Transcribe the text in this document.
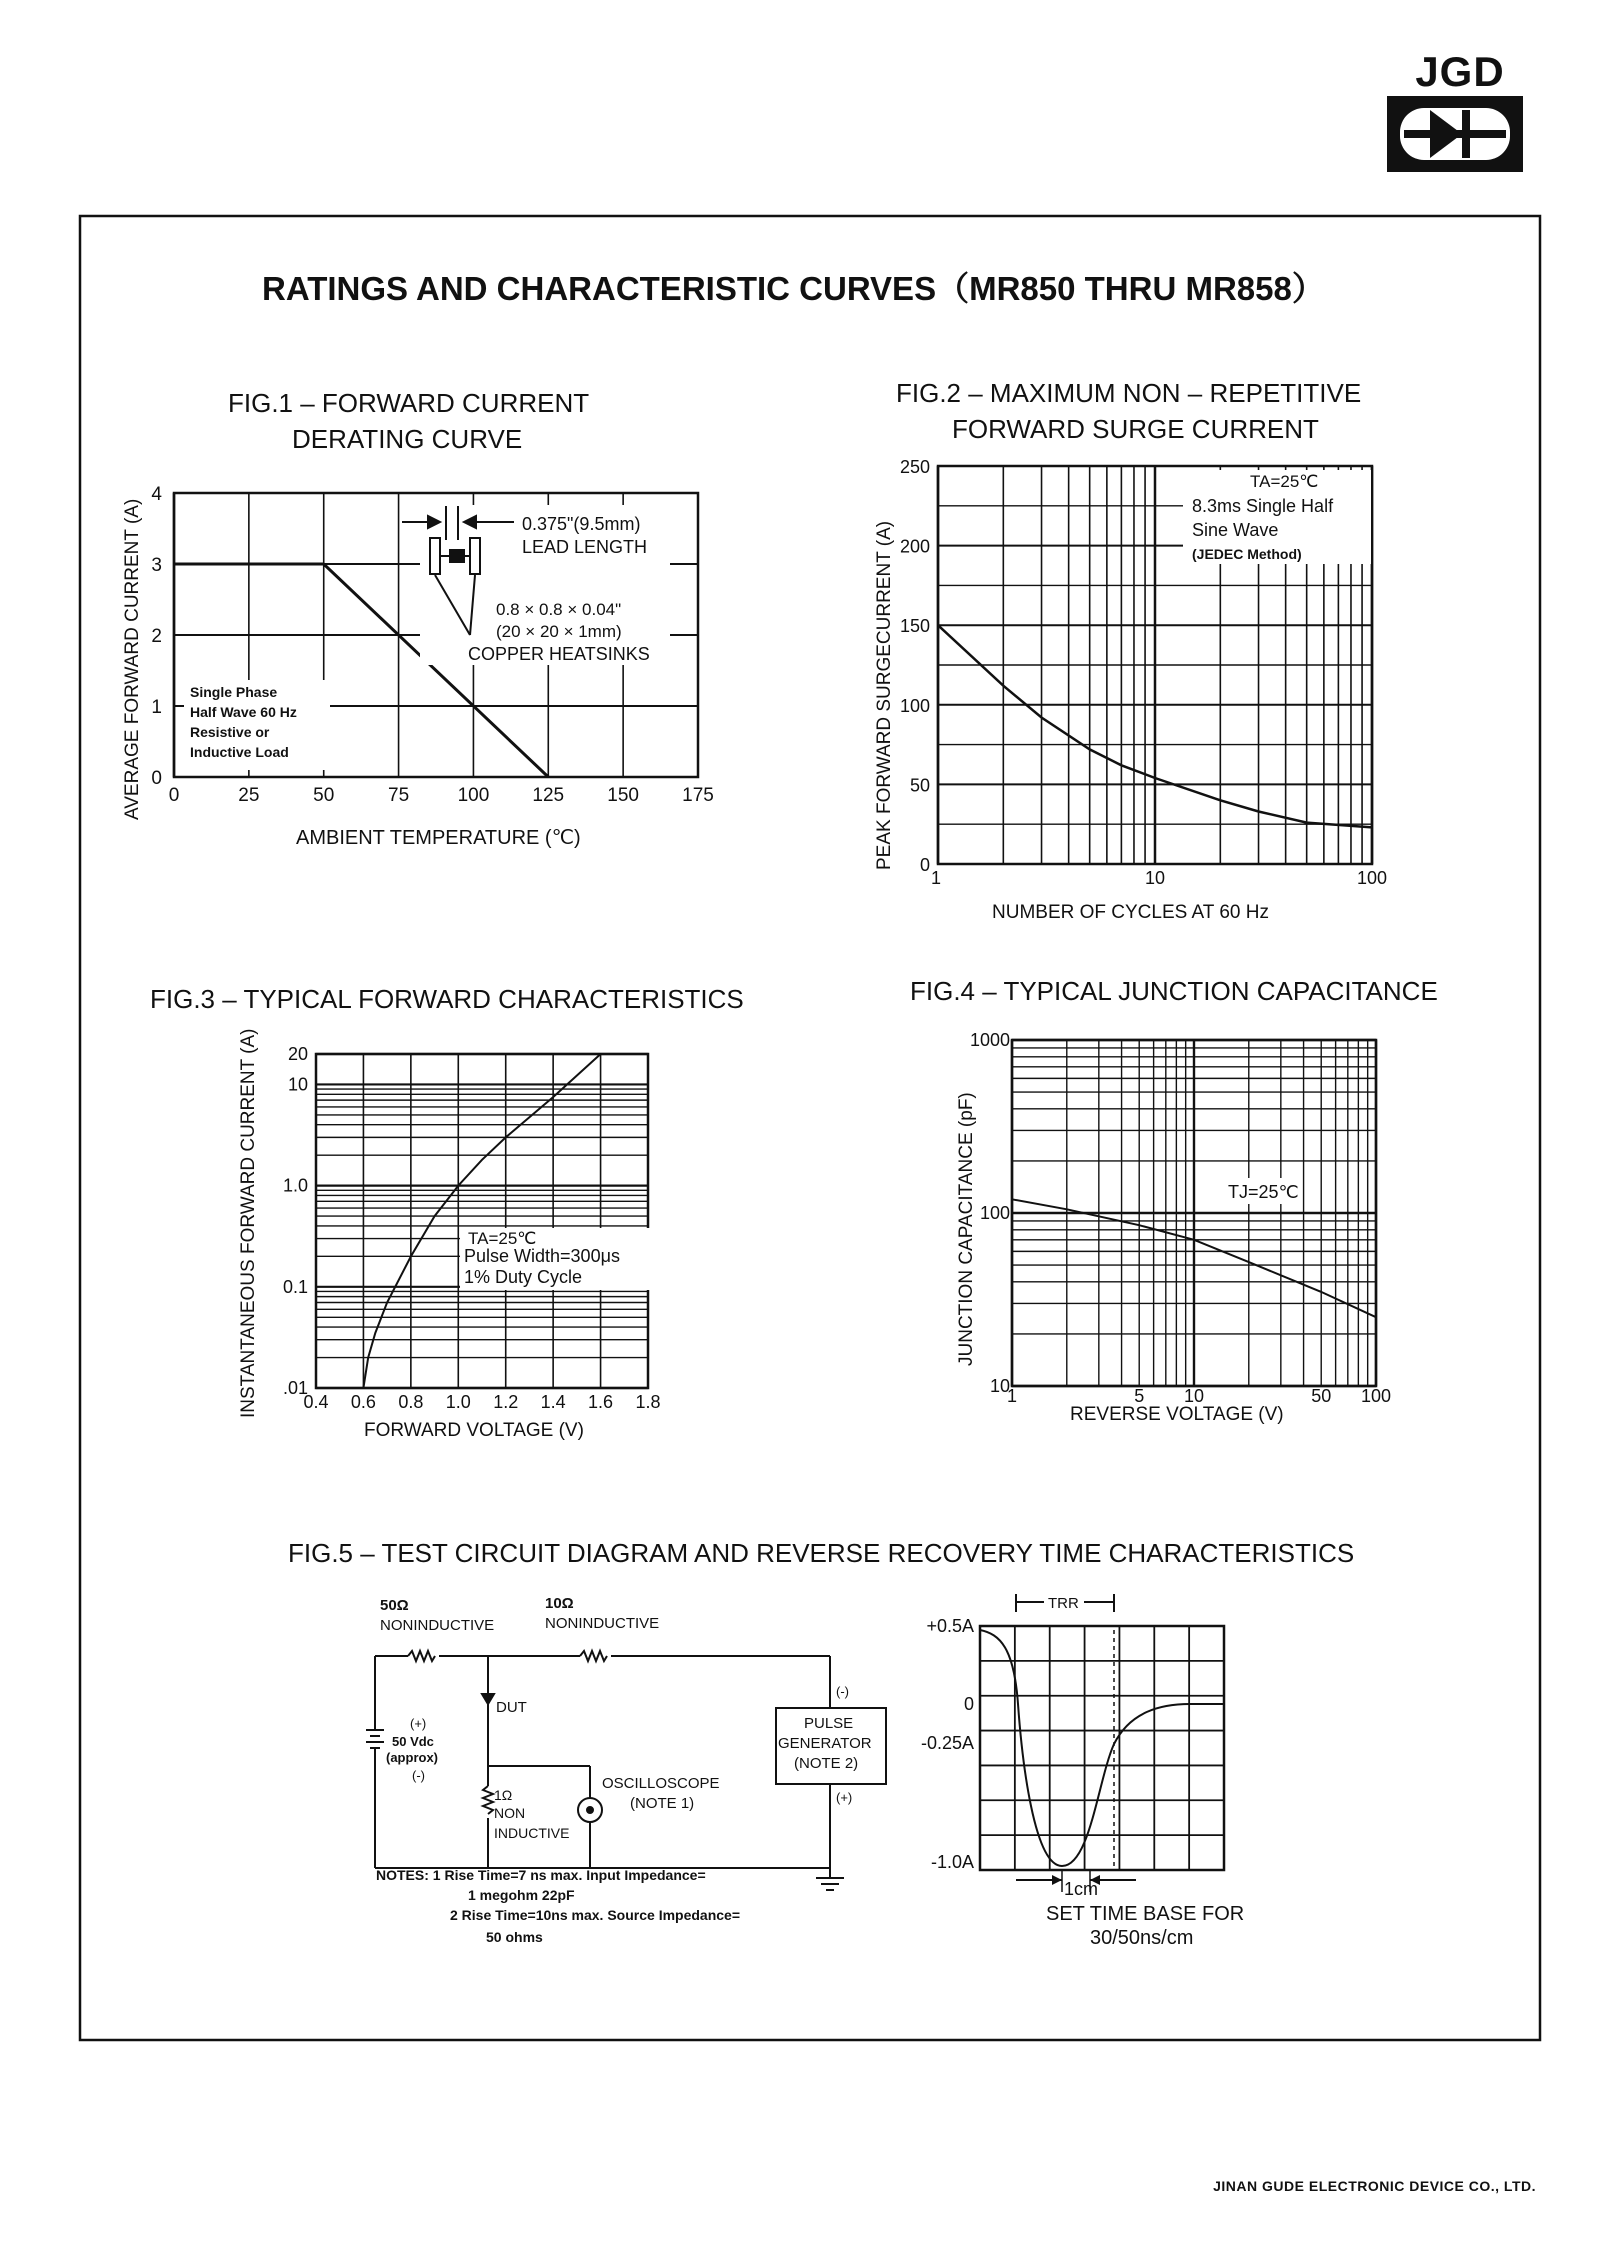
JGD
RATINGS AND CHARACTERISTIC CURVES（MR850 THRU MR858）
FIG.1 – FORWARD CURRENT
DERATING CURVE
AVERAGE FORWARD CURRENT (A)
AMBIENT TEMPERATURE (℃)
0	25	50	75	100 125 150 175
0
1
2
3
4
Single Phase
Half Wave 60 Hz
Resistive or
Inductive Load
0.375"(9.5mm)
LEAD LENGTH
0.8 × 0.8 × 0.04"
(20 × 20 × 1mm)
COPPER HEATSINKS
FIG.2 – MAXIMUM NON – REPETITIVE
FORWARD SURGE CURRENT
PEAK FORWARD SURGECURRENT (A)
NUMBER OF CYCLES AT 60 Hz
1	10	100
0
50
100
150
200
250
TA=25℃
8.3ms Single Half
Sine Wave
(JEDEC Method)
FIG.3 – TYPICAL FORWARD CHARACTERISTICS
INSTANTANEOUS FORWARD CURRENT (A)
FORWARD VOLTAGE (V)
0.4 0.6 0.8 1.0 1.2 1.4 1.6 1.8
.01
0.1
1.0
10
20
TA=25℃
Pulse Width=300μs
1% Duty Cycle
FIG.4 – TYPICAL JUNCTION CAPACITANCE
JUNCTION CAPACITANCE (pF)
REVERSE VOLTAGE (V)
1	5 10	50 100
10
100
1000
TJ=25℃
FIG.5 – TEST CIRCUIT DIAGRAM AND REVERSE RECOVERY TIME CHARACTERISTICS
50Ω
NONINDUCTIVE
10Ω
NONINDUCTIVE
DUT
(+)
50 Vdc
(approx)
(-)
1Ω
NON
INDUCTIVE
OSCILLOSCOPE
(NOTE 1)
PULSE
GENERATOR
(NOTE 2)
(-)
(+)
NOTES: 1 Rise Time=7 ns max. Input Impedance=
1 megohm 22pF
2 Rise Time=10ns max. Source Impedance=
50 ohms
+0.5A
0
-0.25A
-1.0A
TRR
1cm
SET TIME BASE FOR
30/50ns/cm
JINAN GUDE ELECTRONIC DEVICE CO., LTD.
